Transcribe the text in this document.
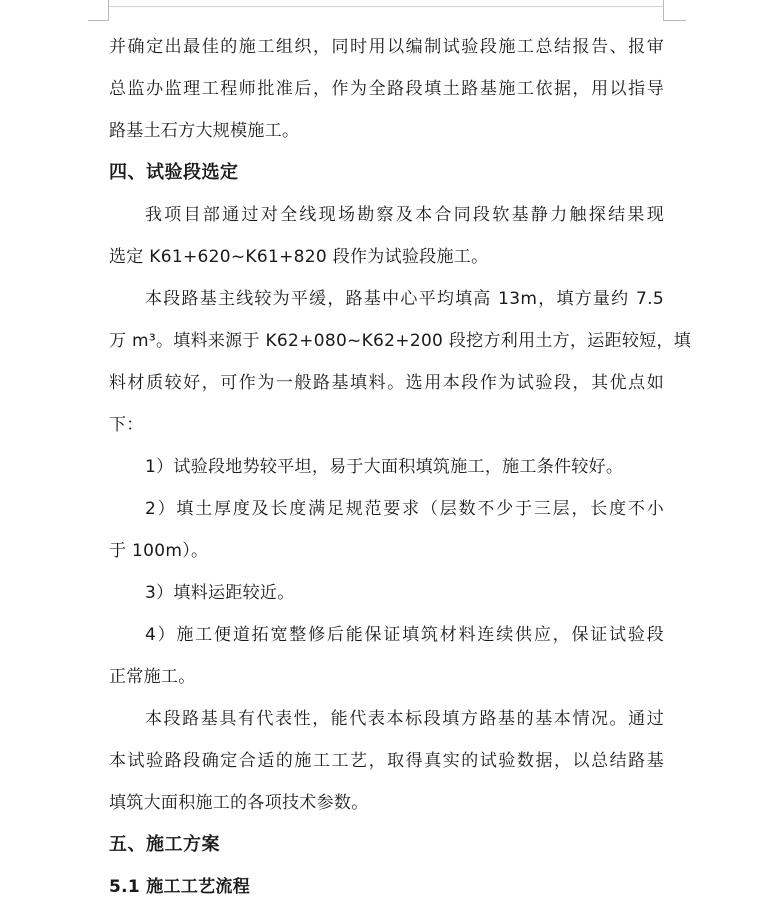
并确定出最佳的施工组织，同时用以编制试验段施工总结报告、报审
总监办监理工程师批准后，作为全路段填土路基施工依据，用以指导
路基土石方大规模施工。
四、试验段选定
我项目部通过对全线现场勘察及本合同段软基静力触探结果现
选定 K61+620~K61+820 段作为试验段施工。
本段路基主线较为平缓，路基中心平均填高 13m，填方量约 7.5
万 m³。填料来源于 K62+080~K62+200 段挖方利用土方，运距较短，填
料材质较好，可作为一般路基填料。选用本段作为试验段，其优点如
下：
1）试验段地势较平坦，易于大面积填筑施工，施工条件较好。
2）填土厚度及长度满足规范要求（层数不少于三层，长度不小
于 100m）。
3）填料运距较近。
4）施工便道拓宽整修后能保证填筑材料连续供应，保证试验段
正常施工。
本段路基具有代表性，能代表本标段填方路基的基本情况。通过
本试验路段确定合适的施工工艺，取得真实的试验数据，以总结路基
填筑大面积施工的各项技术参数。
五、施工方案
5.1 施工工艺流程
